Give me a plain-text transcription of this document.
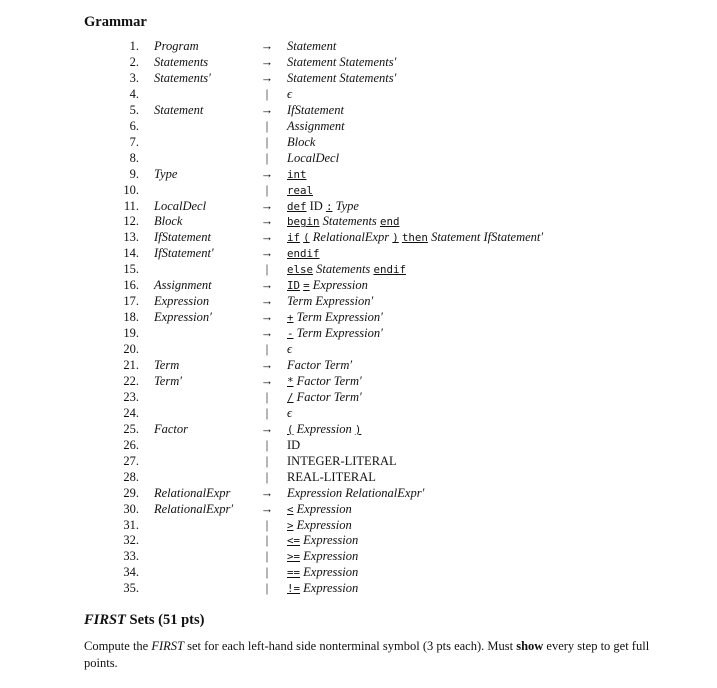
Grammar
1. Program	→ Statement
2. Statements	→ Statement Statements′
3. Statements′	→ Statement Statements′
4.	|	ϵ
5. Statement	→ IfStatement
6.	|	Assignment
7.	|	Block
8.	|	LocalDecl
9. Type	→ int
10.	|	real
11. LocalDecl	→ def ID : Type
12. Block	→ begin Statements end
13. IfStatement	→ if ( RelationalExpr ) then Statement IfStatement′
14. IfStatement′	→ endif
15.	|	else Statements endif
16. Assignment	→ ID = Expression
17. Expression	→ Term Expression′
18. Expression′	→ + Term Expression′
19.	→ - Term Expression′
20.	|	ϵ
21. Term	→ Factor Term′
22. Term′	→ * Factor Term′
23.	|	/ Factor Term′
24.	|	ϵ
25. Factor	→ ( Expression )
26.	|	ID
27.	|	INTEGER-LITERAL
28.	|	REAL-LITERAL
29. RelationalExpr → Expression RelationalExpr′
30. RelationalExpr′ → < Expression
31.	|	> Expression
32.	|	<= Expression
33.	|	>= Expression
34.	|	== Expression
35.	|	!= Expression
FIRST Sets (51 pts)
Compute the FIRST set for each left-hand side nonterminal symbol (3 pts each). Must show every step to get full points.
